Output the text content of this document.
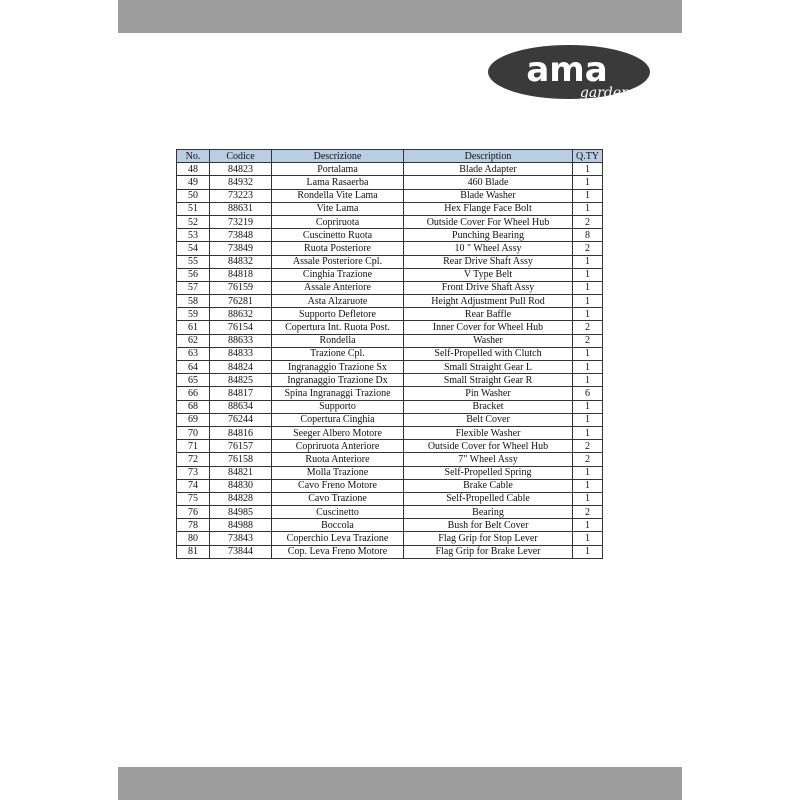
ama
garden
No.	Codice	Descrizione	Description	Q.TY
48	84823	Portalama	Blade Adapter	1
49	84932	Lama Rasaerba	460 Blade	1
50	73223	Rondella Vite Lama	Blade Washer	1
51	88631	Vite Lama	Hex Flange Face Bolt	1
52	73219	Copriruota	Outside Cover For Wheel Hub	2
53	73848	Cuscinetto Ruota	Punching Bearing	8
54	73849	Ruota Posteriore	10 " Wheel Assy	2
55	84832	Assale Posteriore Cpl.	Rear Drive Shaft Assy	1
56	84818	Cinghia Trazione	V Type Belt	1
57	76159	Assale Anteriore	Front Drive Shaft Assy	1
58	76281	Asta Alzaruote	Height Adjustment Pull Rod	1
59	88632	Supporto Defletore	Rear Baffle	1
61	76154	Copertura Int. Ruota Post.	Inner Cover for Wheel Hub	2
62	88633	Rondella	Washer	2
63	84833	Trazione Cpl.	Self-Propelled with Clutch	1
64	84824	Ingranaggio Trazione Sx	Small Straight Gear L	1
65	84825	Ingranaggio Trazione Dx	Small Straight Gear R	1
66	84817	Spina Ingranaggi Trazione	Pin Washer	6
68	88634	Supporto	Bracket	1
69	76244	Copertura Cinghia	Belt Cover	1
70	84816	Seeger Albero Motore	Flexible Washer	1
71	76157	Copriruota Anteriore	Outside Cover for Wheel Hub	2
72	76158	Ruota Anteriore	7" Wheel Assy	2
73	84821	Molla Trazione	Self-Propelled Spring	1
74	84830	Cavo Freno Motore	Brake Cable	1
75	84828	Cavo Trazione	Self-Propelled Cable	1
76	84985	Cuscinetto	Bearing	2
78	84988	Boccola	Bush for Belt Cover	1
80	73843	Coperchio Leva Trazione	Flag Grip for Stop Lever	1
81	73844	Cop. Leva Freno Motore	Flag Grip for Brake Lever	1
